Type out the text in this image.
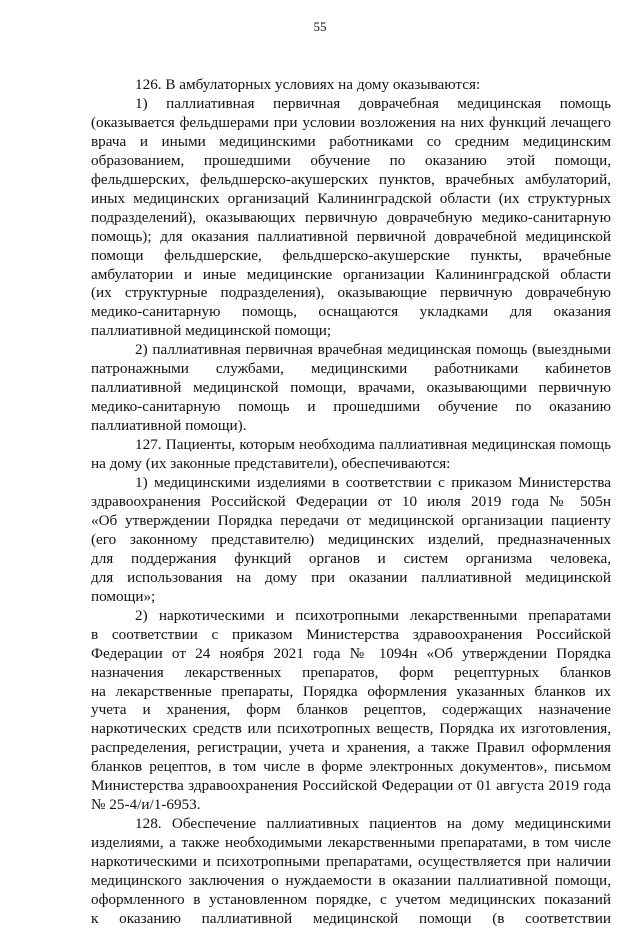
55
126. В амбулаторных условиях на дому оказываются:
1) паллиативная первичная доврачебная медицинская помощь
(оказывается фельдшерами при условии возложения на них функций лечащего
врача и иными медицинскими работниками со средним медицинским
образованием, прошедшими обучение по оказанию этой помощи,
фельдшерских, фельдшерско-акушерских пунктов, врачебных амбулаторий,
иных медицинских организаций Калининградской области (их структурных
подразделений), оказывающих первичную доврачебную медико-санитарную
помощь); для оказания паллиативной первичной доврачебной медицинской
помощи фельдшерские, фельдшерско-акушерские пункты, врачебные
амбулатории и иные медицинские организации Калининградской области
(их структурные подразделения), оказывающие первичную доврачебную
медико-санитарную помощь, оснащаются укладками для оказания
паллиативной медицинской помощи;
2) паллиативная первичная врачебная медицинская помощь (выездными
патронажными службами, медицинскими работниками кабинетов
паллиативной медицинской помощи, врачами, оказывающими первичную
медико-санитарную помощь и прошедшими обучение по оказанию
паллиативной помощи).
127. Пациенты, которым необходима паллиативная медицинская помощь
на дому (их законные представители), обеспечиваются:
1) медицинскими изделиями в соответствии с приказом Министерства
здравоохранения Российской Федерации от 10 июля 2019 года № 505н
«Об утверждении Порядка передачи от медицинской организации пациенту
(его законному представителю) медицинских изделий, предназначенных
для поддержания функций органов и систем организма человека,
для использования на дому при оказании паллиативной медицинской
помощи»;
2) наркотическими и психотропными лекарственными препаратами
в соответствии с приказом Министерства здравоохранения Российской
Федерации от 24 ноября 2021 года № 1094н «Об утверждении Порядка
назначения лекарственных препаратов, форм рецептурных бланков
на лекарственные препараты, Порядка оформления указанных бланков их
учета и хранения, форм бланков рецептов, содержащих назначение
наркотических средств или психотропных веществ, Порядка их изготовления,
распределения, регистрации, учета и хранения, а также Правил оформления
бланков рецептов, в том числе в форме электронных документов», письмом
Министерства здравоохранения Российской Федерации от 01 августа 2019 года
№ 25-4/и/1-6953.
128. Обеспечение паллиативных пациентов на дому медицинскими
изделиями, а также необходимыми лекарственными препаратами, в том числе
наркотическими и психотропными препаратами, осуществляется при наличии
медицинского заключения о нуждаемости в оказании паллиативной помощи,
оформленного в установленном порядке, с учетом медицинских показаний
к оказанию паллиативной медицинской помощи (в соответствии
